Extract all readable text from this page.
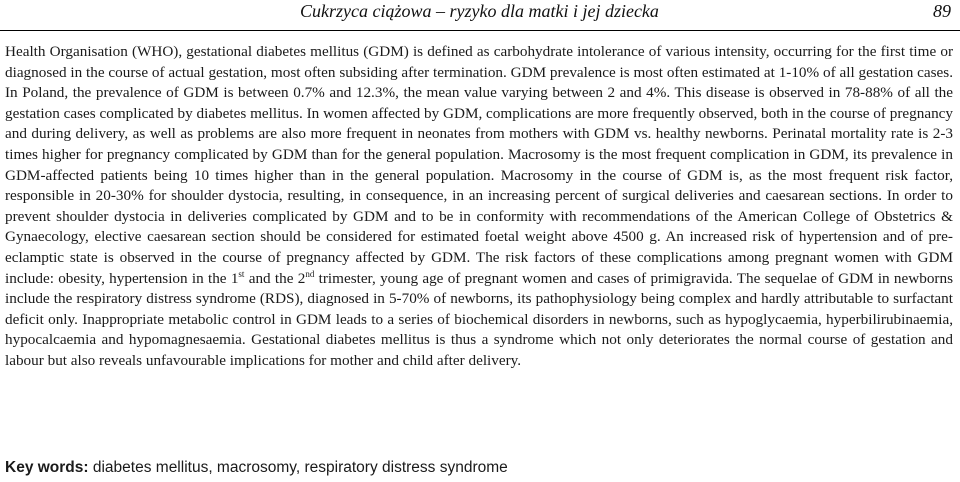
Cukrzyca ciążowa – ryzyko dla matki i jej dziecka	89

Health Organisation (WHO), gestational diabetes mellitus (GDM) is defined as carbohydrate intolerance of various intensity, occurring for the first time or diagnosed in the course of actual gestation, most often subsiding after termination. GDM prevalence is most often estimated at 1-10% of all gestation cases. In Poland, the prevalence of GDM is between 0.7% and 12.3%, the mean value varying between 2 and 4%. This disease is observed in 78-88% of all the gestation cases complicated by diabetes mellitus. In women affected by GDM, complications are more frequently observed, both in the course of pregnancy and during delivery, as well as problems are also more frequent in neonates from mothers with GDM vs. healthy newborns. Perinatal mortality rate is 2-3 times higher for pregnancy complicated by GDM than for the general population. Macrosomy is the most frequent complication in GDM, its prevalence in GDM-affected patients being 10 times higher than in the general population. Macrosomy in the course of GDM is, as the most frequent risk factor, responsible in 20-30% for shoulder dystocia, resulting, in consequence, in an increasing percent of surgical deliveries and caesarean sections. In order to prevent shoulder dystocia in deliveries complicated by GDM and to be in conformity with recommendations of the American College of Obstetrics & Gynaecology, elective caesarean section should be considered for estimated foetal weight above 4500 g. An increased risk of hypertension and of pre-eclamptic state is observed in the course of pregnancy affected by GDM. The risk factors of these complications among pregnant women with GDM include: obesity, hypertension in the 1st and the 2nd trimester, young age of pregnant women and cases of primigravida. The sequelae of GDM in newborns include the respiratory distress syndrome (RDS), diagnosed in 5-70% of newborns, its pathophysiology being complex and hardly attributable to surfactant deficit only. Inappropriate metabolic control in GDM leads to a series of biochemical disorders in newborns, such as hypoglycaemia, hyperbilirubinaemia, hypocalcaemia and hypomagnesaemia. Gestational diabetes mellitus is thus a syndrome which not only deteriorates the normal course of gestation and labour but also reveals unfavourable implications for mother and child after delivery.

Key words: diabetes mellitus, macrosomy, respiratory distress syndrome
